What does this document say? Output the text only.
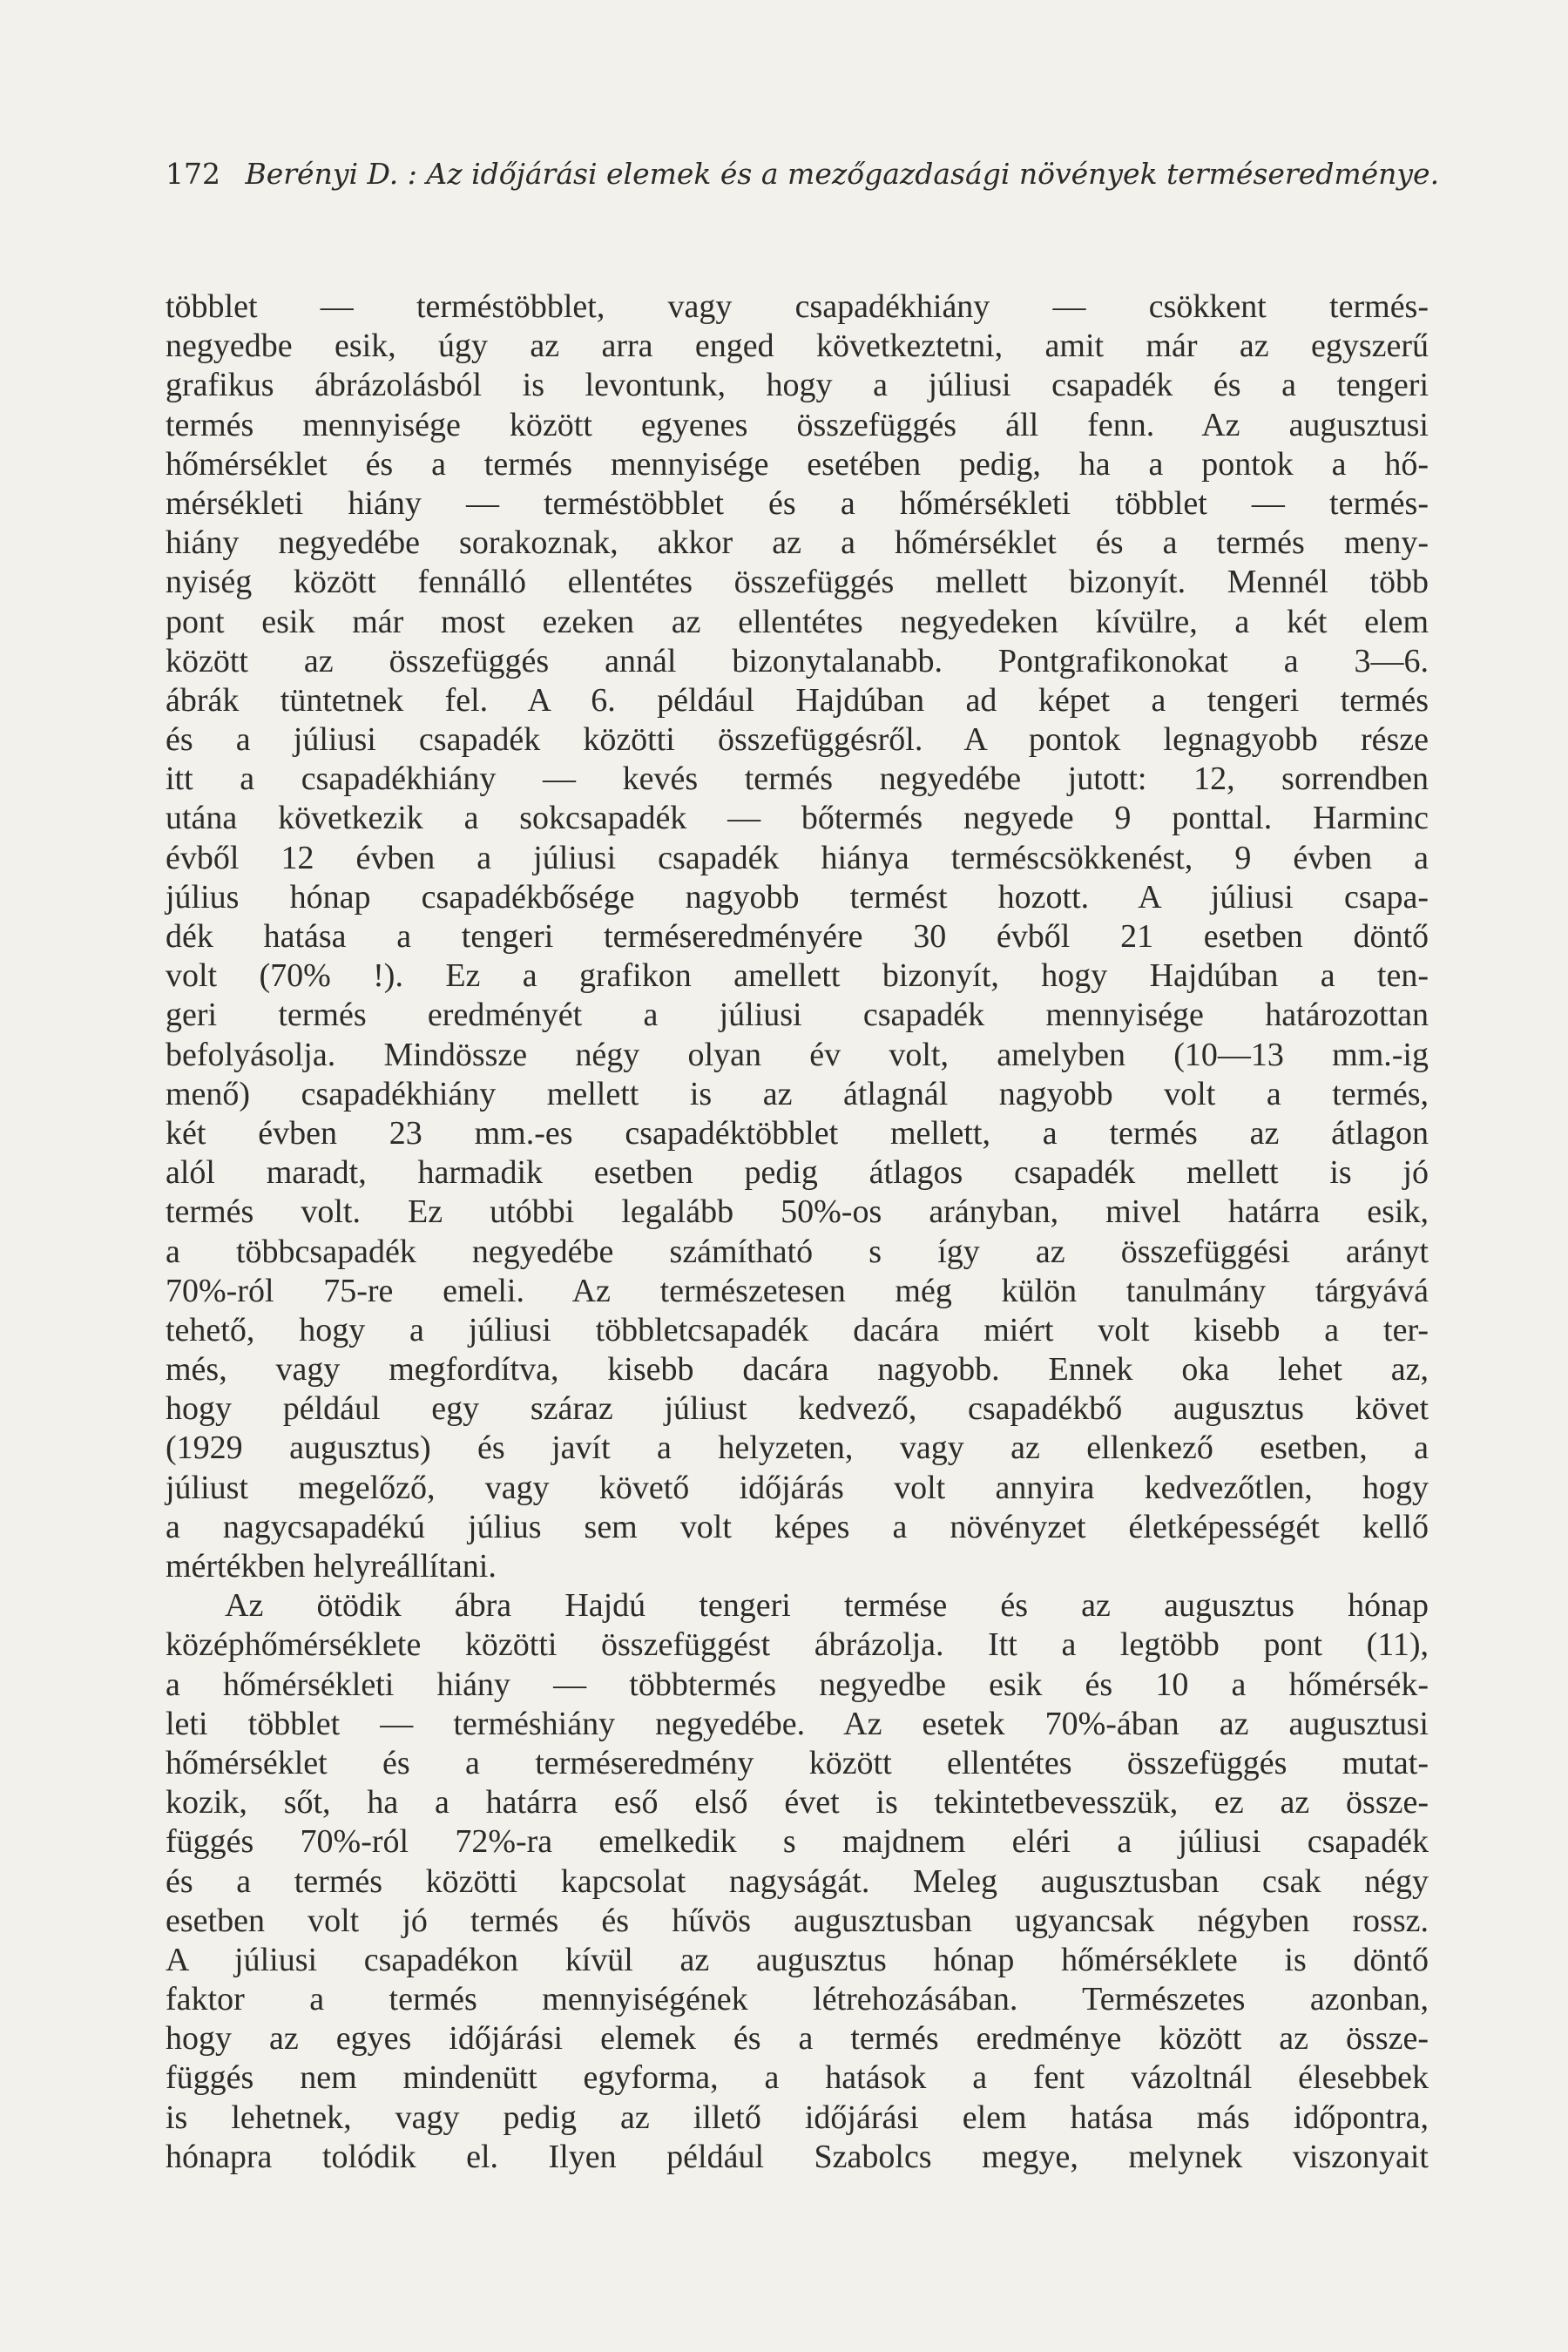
172 Berényi D. : Az időjárási elemek és a mezőgazdasági növények terméseredménye.
többlet — terméstöbblet, vagy csapadékhiány — csökkent termés-
negyedbe esik, úgy az arra enged következtetni, amit már az egyszerű
grafikus ábrázolásból is levontunk, hogy a júliusi csapadék és a tengeri
termés mennyisége között egyenes összefüggés áll fenn. Az augusztusi
hőmérséklet és a termés mennyisége esetében pedig, ha a pontok a hő-
mérsékleti hiány — terméstöbblet és a hőmérsékleti többlet — termés-
hiány negyedébe sorakoznak, akkor az a hőmérséklet és a termés meny-
nyiség között fennálló ellentétes összefüggés mellett bizonyít. Mennél több
pont esik már most ezeken az ellentétes negyedeken kívülre, a két elem
között az összefüggés annál bizonytalanabb. Pontgrafikonokat a 3—6.
ábrák tüntetnek fel. A 6. például Hajdúban ad képet a tengeri termés
és a júliusi csapadék közötti összefüggésről. A pontok legnagyobb része
itt a csapadékhiány — kevés termés negyedébe jutott: 12, sorrendben
utána következik a sokcsapadék — bőtermés negyede 9 ponttal. Harminc
évből 12 évben a júliusi csapadék hiánya terméscsökkenést, 9 évben a
július hónap csapadékbősége nagyobb termést hozott. A júliusi csapa-
dék hatása a tengeri terméseredményére 30 évből 21 esetben döntő
volt (70% !). Ez a grafikon amellett bizonyít, hogy Hajdúban a ten-
geri termés eredményét a júliusi csapadék mennyisége határozottan
befolyásolja. Mindössze négy olyan év volt, amelyben (10—13 mm.-ig
menő) csapadékhiány mellett is az átlagnál nagyobb volt a termés,
két évben 23 mm.-es csapadéktöbblet mellett, a termés az átlagon
alól maradt, harmadik esetben pedig átlagos csapadék mellett is jó
termés volt. Ez utóbbi legalább 50%-os arányban, mivel határra esik,
a többcsapadék negyedébe számítható s így az összefüggési arányt
70%-ról 75-re emeli. Az természetesen még külön tanulmány tárgyává
tehető, hogy a júliusi többletcsapadék dacára miért volt kisebb a ter-
més, vagy megfordítva, kisebb dacára nagyobb. Ennek oka lehet az,
hogy például egy száraz júliust kedvező, csapadékbő augusztus követ
(1929 augusztus) és javít a helyzeten, vagy az ellenkező esetben, a
júliust megelőző, vagy követő időjárás volt annyira kedvezőtlen, hogy
a nagycsapadékú július sem volt képes a növényzet életképességét kellő
mértékben helyreállítani.
Az ötödik ábra Hajdú tengeri termése és az augusztus hónap
középhőmérséklete közötti összefüggést ábrázolja. Itt a legtöbb pont (11),
a hőmérsékleti hiány — többtermés negyedbe esik és 10 a hőmérsék-
leti többlet — terméshiány negyedébe. Az esetek 70%-ában az augusztusi
hőmérséklet és a terméseredmény között ellentétes összefüggés mutat-
kozik, sőt, ha a határra eső első évet is tekintetbevesszük, ez az össze-
függés 70%-ról 72%-ra emelkedik s majdnem eléri a júliusi csapadék
és a termés közötti kapcsolat nagyságát. Meleg augusztusban csak négy
esetben volt jó termés és hűvös augusztusban ugyancsak négyben rossz.
A júliusi csapadékon kívül az augusztus hónap hőmérséklete is döntő
faktor a termés mennyiségének létrehozásában. Természetes azonban,
hogy az egyes időjárási elemek és a termés eredménye között az össze-
függés nem mindenütt egyforma, a hatások a fent vázoltnál élesebbek
is lehetnek, vagy pedig az illető időjárási elem hatása más időpontra,
hónapra tolódik el. Ilyen például Szabolcs megye, melynek viszonyait
